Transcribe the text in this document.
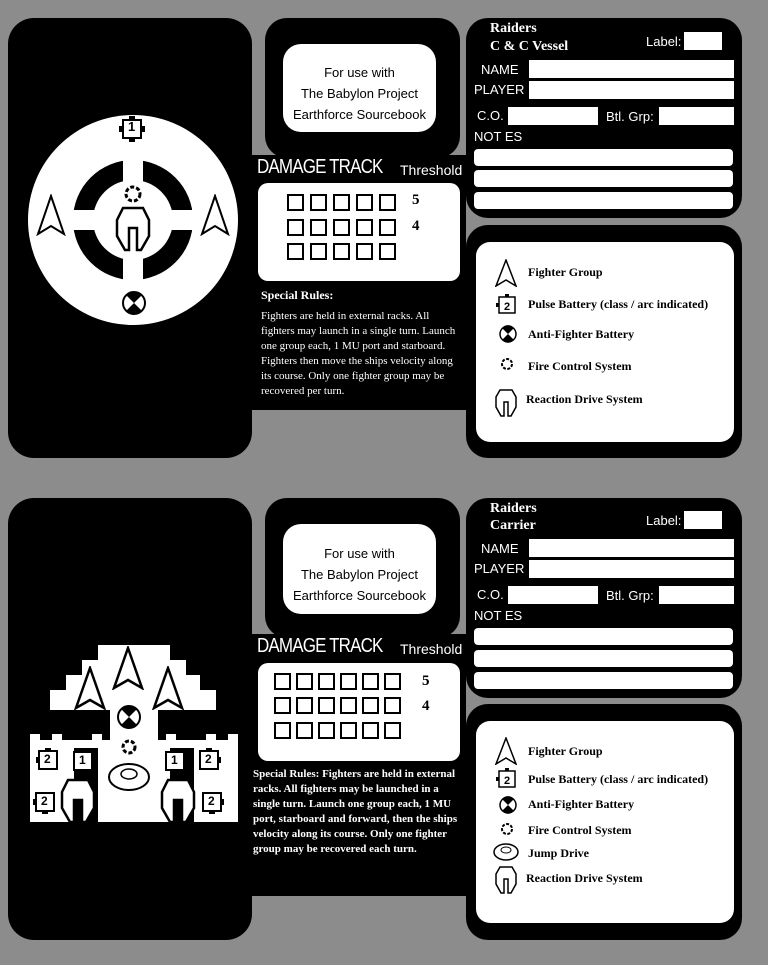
1
For use with
The Babylon Project
Earthforce Sourcebook
DAMAGE TRACK Threshold
5
4
Special Rules:
Fighters are held in external racks. All fighters may launch in a single turn. Launch one group each, 1 MU port and starboard. Fighters then move the ships velocity along its course. Only one fighter group may be recovered per turn.
Raiders
C & C Vessel	Label:
NAME
PLAYER
C.O.	Btl. Grp:
NOT ES
Fighter Group
2 Pulse Battery (class / arc indicated)
Anti-Fighter Battery
Fire Control System
Reaction Drive System
2 1	1 2
2	2
For use with
The Babylon Project
Earthforce Sourcebook
DAMAGE TRACK Threshold
5
4
Special Rules: Fighters are held in external racks. All fighters may be launched in a single turn. Launch one group each, 1 MU port, starboard and forward, then the ships velocity along its course. Only one fighter group may be recovered each turn.
Raiders
Carrier	Label:
NAME
PLAYER
C.O.	Btl. Grp:
NOT ES
Fighter Group
2 Pulse Battery (class / arc indicated)
Anti-Fighter Battery
Fire Control System
Jump Drive
Reaction Drive System
